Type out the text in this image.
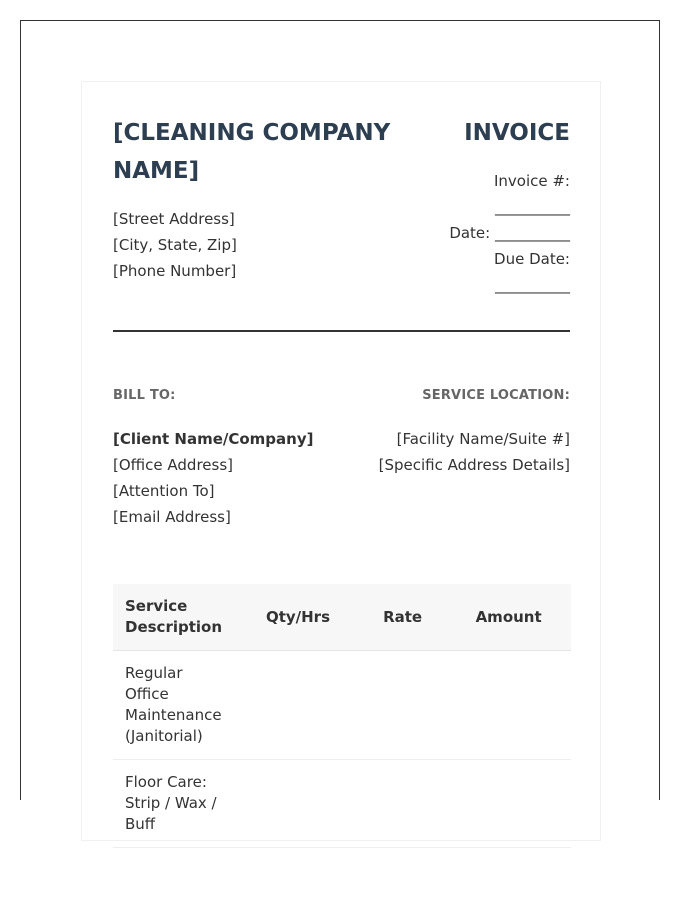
[CLEANING COMPANY NAME]
[Street Address]
[City, State, Zip]
[Phone Number]
INVOICE
Invoice #:
__________
Date: __________
Due Date:
__________
BILL TO:	SERVICE LOCATION:
[Client Name/Company]
[Office Address]
[Attention To]
[Email Address]
[Facility Name/Suite #]
[Specific Address Details]
Service Description	Qty/Hrs	Rate	Amount
Regular Office Maintenance (Janitorial)			
Floor Care: Strip / Wax / Buff			
